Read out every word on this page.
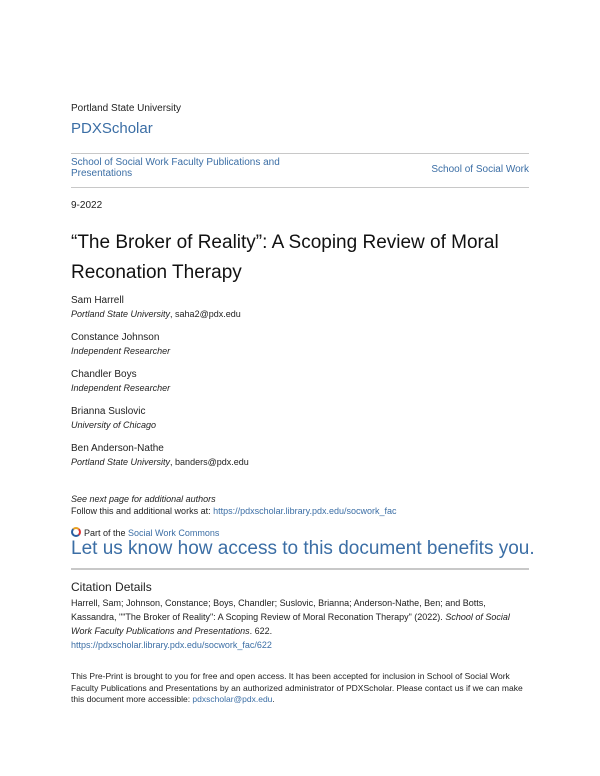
Portland State University
PDXScholar
School of Social Work Faculty Publications and Presentations	School of Social Work
9-2022
“The Broker of Reality”: A Scoping Review of Moral Reconation Therapy
Sam Harrell
Portland State University, saha2@pdx.edu
Constance Johnson
Independent Researcher
Chandler Boys
Independent Researcher
Brianna Suslovic
University of Chicago
Ben Anderson-Nathe
Portland State University, banders@pdx.edu
See next page for additional authors
Follow this and additional works at: https://pdxscholar.library.pdx.edu/socwork_fac
Part of the Social Work Commons
Let us know how access to this document benefits you.
Citation Details
Harrell, Sam; Johnson, Constance; Boys, Chandler; Suslovic, Brianna; Anderson-Nathe, Ben; and Botts, Kassandra, ""The Broker of Reality": A Scoping Review of Moral Reconation Therapy" (2022). School of Social Work Faculty Publications and Presentations. 622.
https://pdxscholar.library.pdx.edu/socwork_fac/622
This Pre-Print is brought to you for free and open access. It has been accepted for inclusion in School of Social Work Faculty Publications and Presentations by an authorized administrator of PDXScholar. Please contact us if we can make this document more accessible: pdxscholar@pdx.edu.
